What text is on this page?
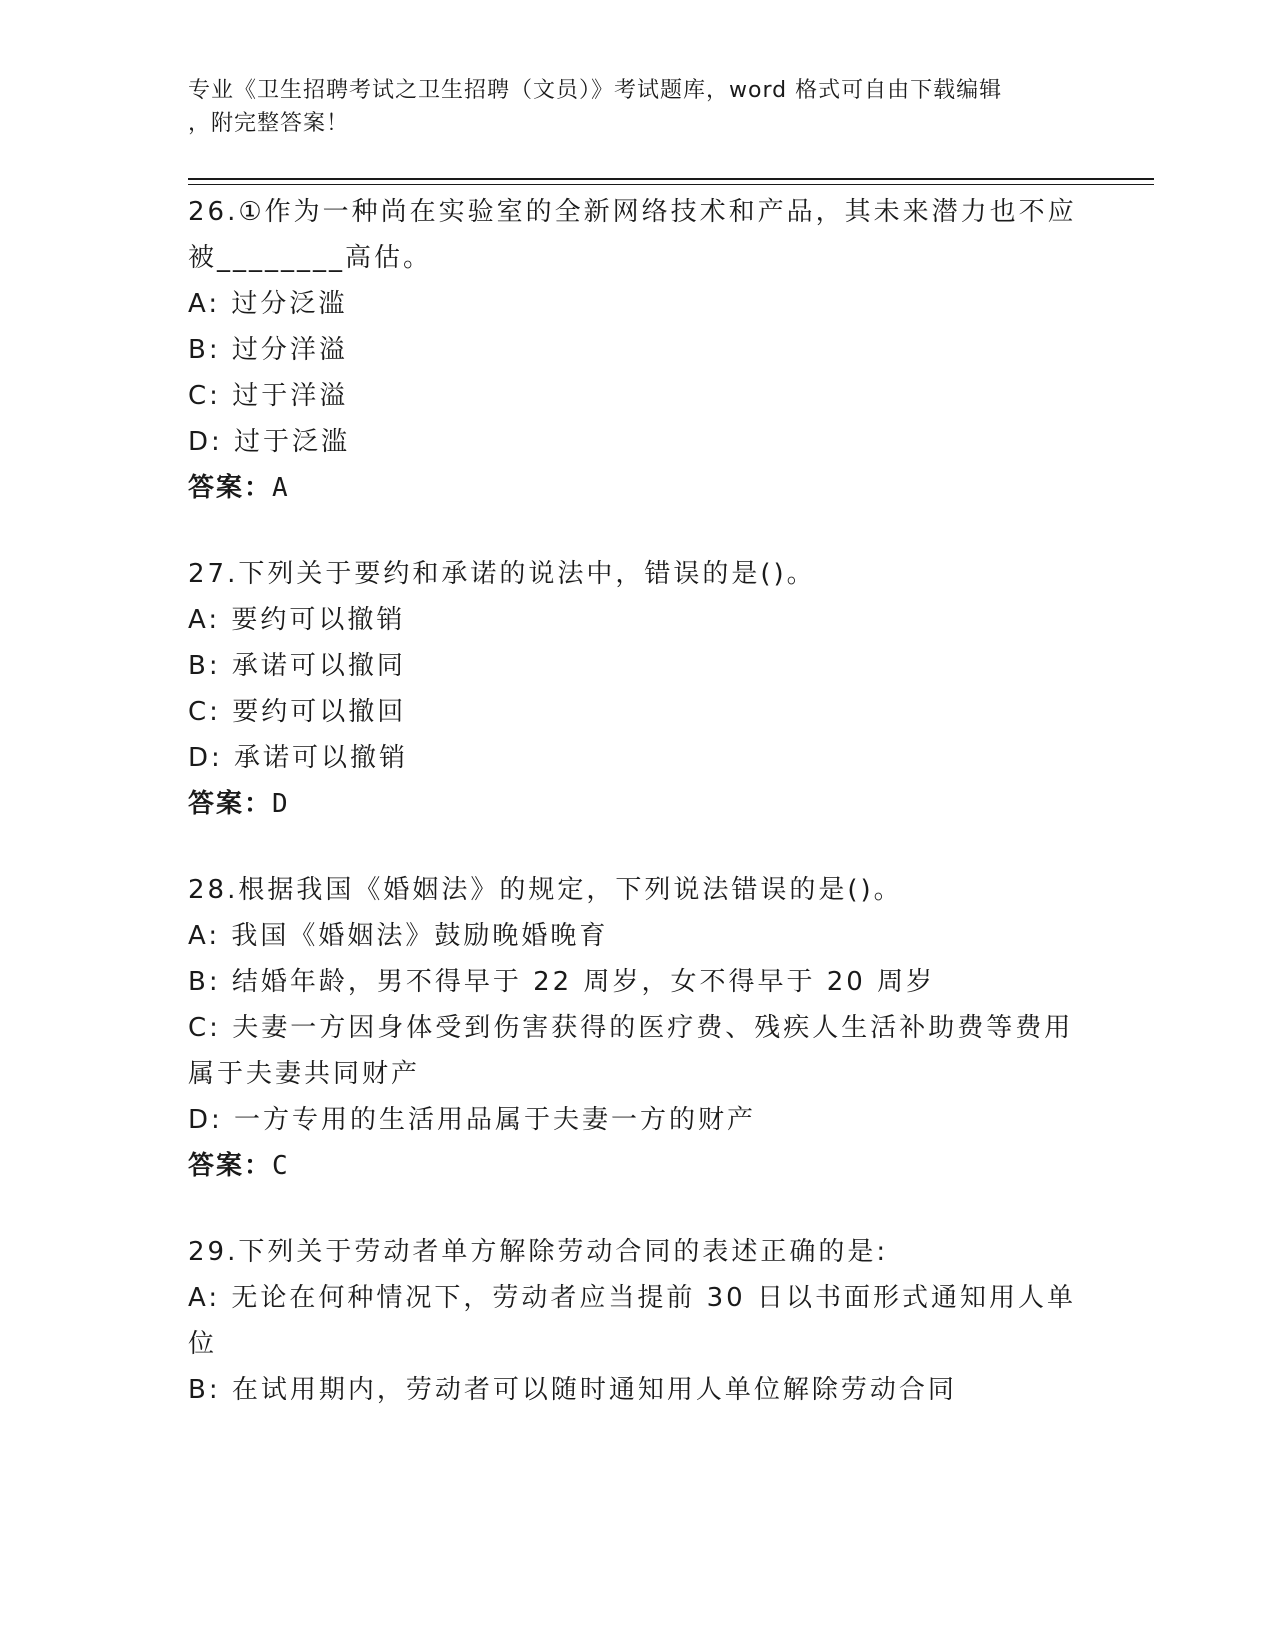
专业《卫生招聘考试之卫生招聘（文员）》考试题库，word 格式可自由下载编辑
，附完整答案！

26.①作为一种尚在实验室的全新网络技术和产品，其未来潜力也不应被________高估。

A: 过分泛滥

B: 过分洋溢

C: 过于洋溢

D: 过于泛滥

答案：A

27.下列关于要约和承诺的说法中，错误的是()。

A: 要约可以撤销

B: 承诺可以撤同

C: 要约可以撤回

D: 承诺可以撤销

答案：D

28.根据我国《婚姻法》的规定，下列说法错误的是()。

A: 我国《婚姻法》鼓励晚婚晚育

B: 结婚年龄，男不得早于 22 周岁，女不得早于 20 周岁

C: 夫妻一方因身体受到伤害获得的医疗费、残疾人生活补助费等费用属于夫妻共同财产

D: 一方专用的生活用品属于夫妻一方的财产

答案：C

29.下列关于劳动者单方解除劳动合同的表述正确的是:

A: 无论在何种情况下，劳动者应当提前 30 日以书面形式通知用人单位

B: 在试用期内，劳动者可以随时通知用人单位解除劳动合同
